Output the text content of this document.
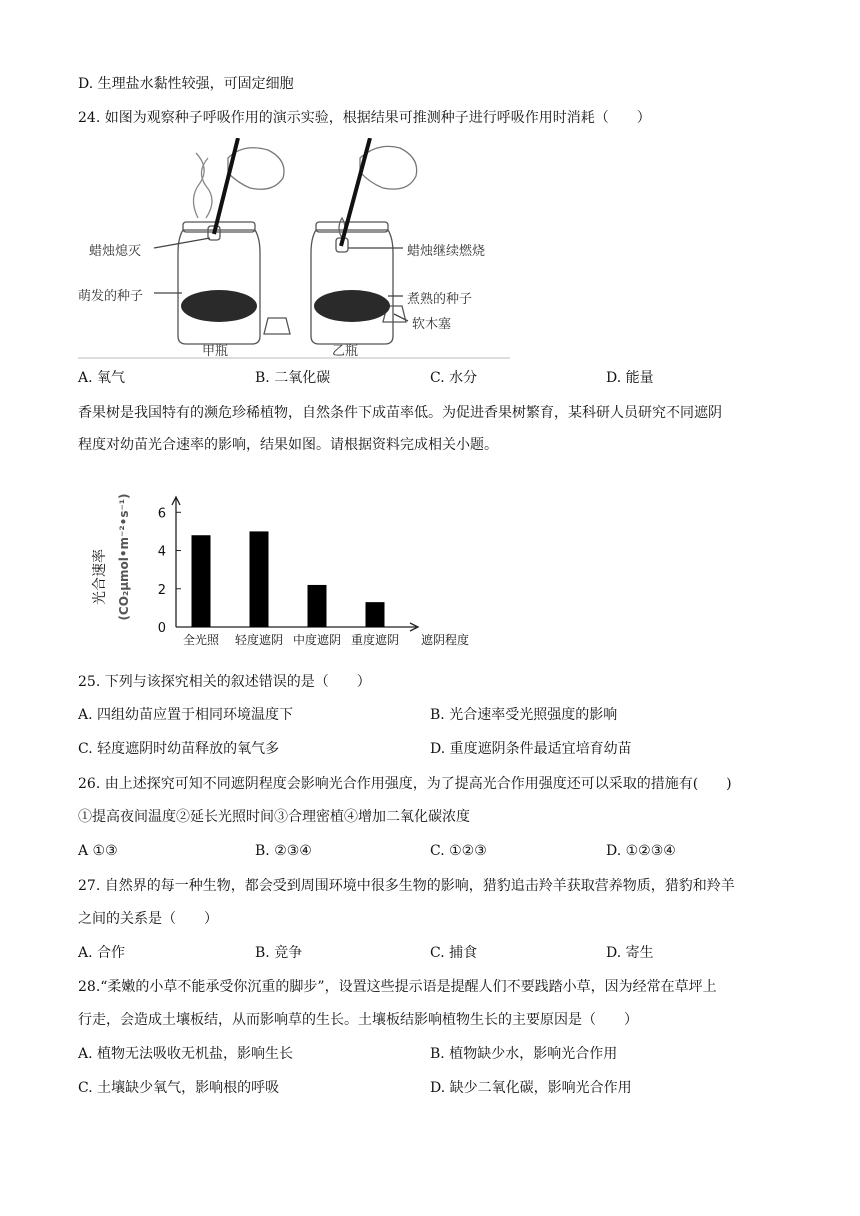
D. 生理盐水黏性较强，可固定细胞
24. 如图为观察种子呼吸作用的演示实验，根据结果可推测种子进行呼吸作用时消耗（　　）
蜡烛熄灭
萌发的种子
蜡烛继续燃烧
煮熟的种子
软木塞
甲瓶	乙瓶
A. 氧气	B. 二氧化碳	C. 水分	D. 能量
香果树是我国特有的濒危珍稀植物，自然条件下成苗率低。为促进香果树繁育，某科研人员研究不同遮阴
程度对幼苗光合速率的影响，结果如图。请根据资料完成相关小题。
光合速率 (CO₂μmol•m⁻²•s⁻¹)
0
2
4
6
全光照 轻度遮阴 中度遮阴 重度遮阴 遮阴程度
25. 下列与该探究相关的叙述错误的是（　　）
A. 四组幼苗应置于相同环境温度下	B. 光合速率受光照强度的影响
C. 轻度遮阴时幼苗释放的氧气多	D. 重度遮阴条件最适宜培育幼苗
26. 由上述探究可知不同遮阴程度会影响光合作用强度，为了提高光合作用强度还可以采取的措施有(　　)
①提高夜间温度②延长光照时间③合理密植④增加二氧化碳浓度
A ①③	B. ②③④	C. ①②③	D. ①②③④
27. 自然界的每一种生物，都会受到周围环境中很多生物的影响，猎豹追击羚羊获取营养物质，猎豹和羚羊
之间的关系是（　　）
A. 合作	B. 竞争	C. 捕食	D. 寄生
28.“柔嫩的小草不能承受你沉重的脚步”，设置这些提示语是提醒人们不要践踏小草，因为经常在草坪上
行走，会造成土壤板结，从而影响草的生长。土壤板结影响植物生长的主要原因是（　　）
A. 植物无法吸收无机盐，影响生长	B. 植物缺少水，影响光合作用
C. 土壤缺少氧气，影响根的呼吸	D. 缺少二氧化碳，影响光合作用
